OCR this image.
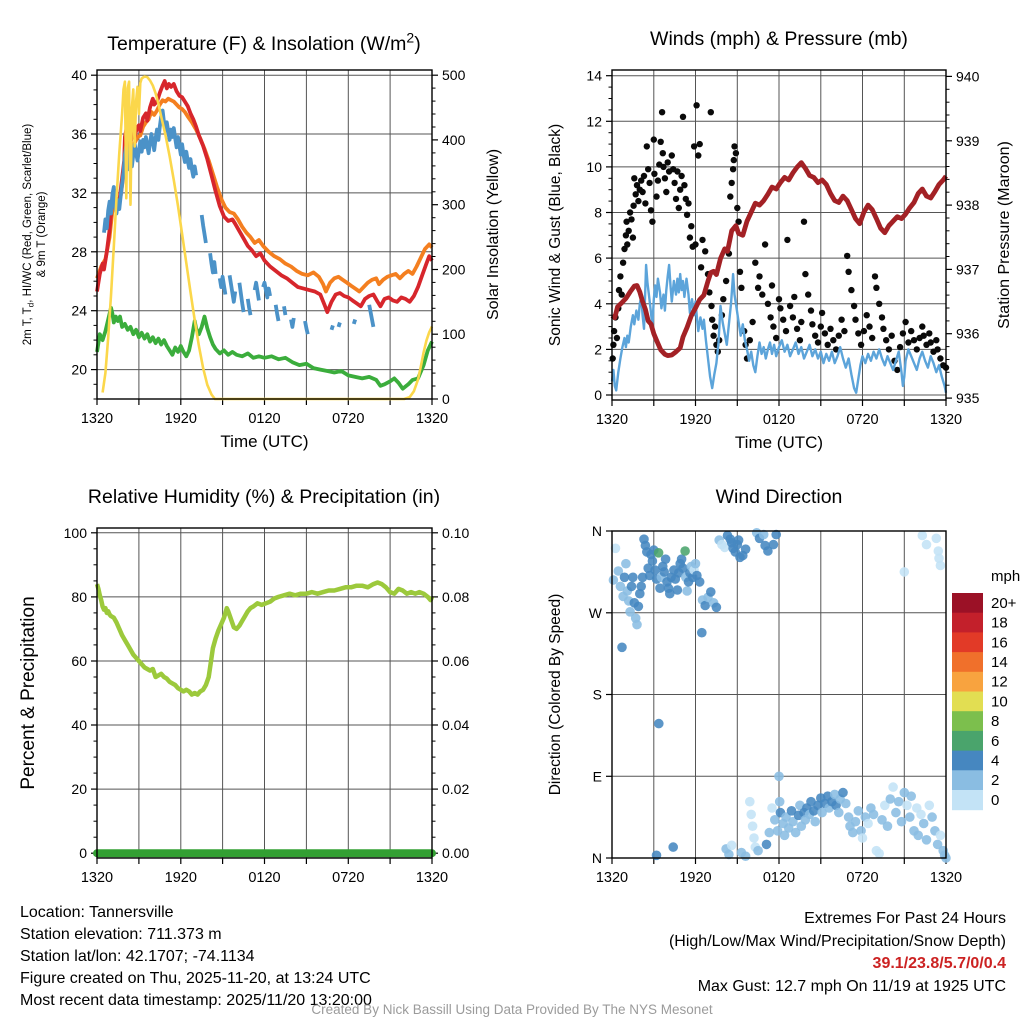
20
24
28
32
36
40
2m T, $T_d$, HI/WC (Red, Green, Scarlet/Blue) & 9m T (Orange)
0
100
200
300
400
500
Solar Insolation (Yellow)
1320	1920	0120	0720	1320
Time (UTC)
Temperature (F) & Insolation $(W/m^2)$
0
2
4
6
8
10
12
14
Sonic Wind & Gust (Blue, Black)
935
936
937
938
939
940
Station Pressure (Maroon)
1320	1920	0120	0720	1320
Time (UTC)
Winds (mph) & Pressure (mb)
0
20
40
60
80
100
Percent & Precipitation
0.00
0.02
0.04
0.06
0.08
0.10
1320	1920	0120	0720	1320
Relative Humidity (%) & Precipitation (in)
N
W
S
E
N
Direction (Colored By Speed)
1320	1920	0120	0720	1320
Wind Direction
mph
20+
18
16
14
12
10
8
6
4
2
0
Location: Tannersville
Station elevation: 711.373 m
Station lat/lon: 42.1707; -74.1134
Figure created on Thu, 2025-11-20, at 13:24 UTC
Most recent data timestamp: 2025/11/20 13:20:00
Extremes For Past 24 Hours
(High/Low/Max Wind/Precipitation/Snow Depth)
39.1/23.8/5.7/0/0.4
Max Gust: 12.7 mph On 11/19 at 1925 UTC
Created By Nick Bassill Using Data Provided By The NYS Mesonet
